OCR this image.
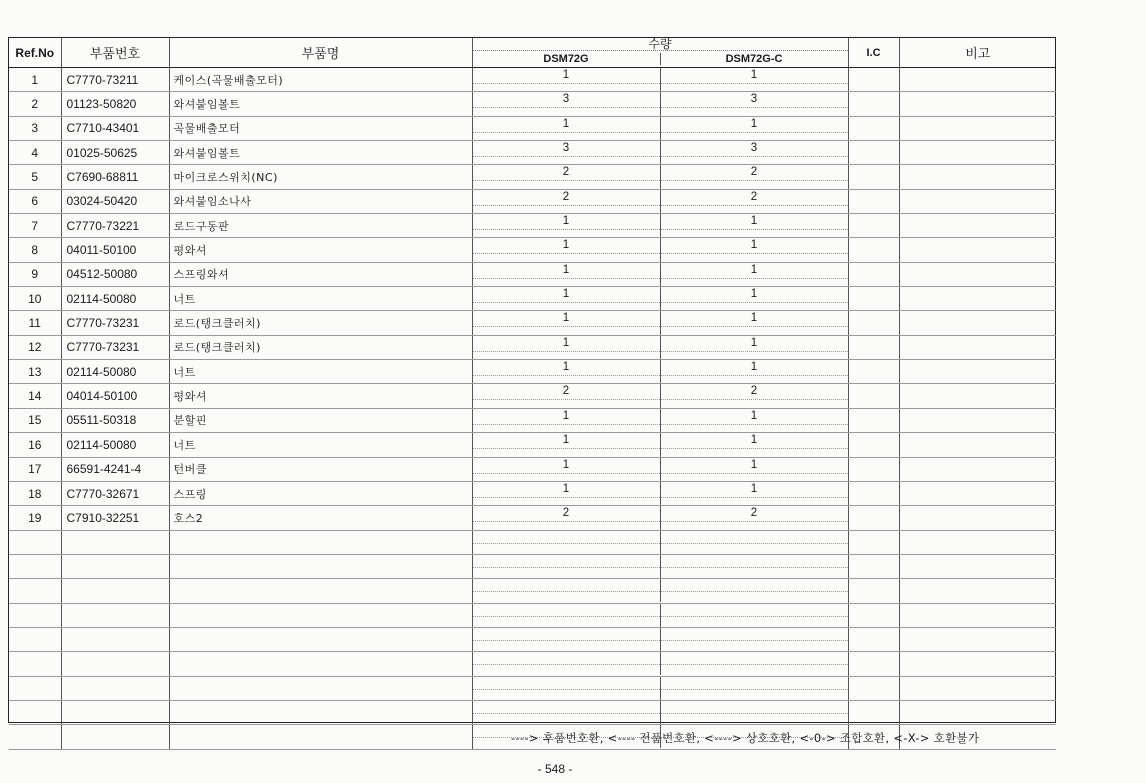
Ref.No	부품번호	부품명	수량
DSM72G DSM72G-C	I.C	비고
1	C7770-73211	케이스(곡물배출모터)	1 1		

2	01123-50820	와셔붙임볼트	3 3		

3	C7710-43401	곡물배출모터	1 1		

4	01025-50625	와셔붙임볼트	3 3		

5	C7690-68811	마이크로스위치(NC)	2 2		

6	03024-50420	와셔붙임소나사	2 2		

7	C7770-73221	로드구동판	1 1		

8	04011-50100	평와셔	1 1		

9	04512-50080	스프링와셔	1 1		

10	02114-50080	너트	1 1		

11	C7770-73231	로드(탱크클러치)	1 1		

12	C7770-73231	로드(탱크클러치)	1 1		

13	02114-50080	너트	1 1		

14	04014-50100	평와셔	2 2		

15	05511-50318	분할핀	1 1		

16	02114-50080	너트	1 1		

17	66591-4241-4	턴버클	1 1		

18	C7770-32671	스프링	1 1		

19	C7910-32251	호스2	2 2		

----> 후품번호환, <---- 전품번호환, <----> 상호호환, <-0-> 조합호환, <-X-> 호환불가
- 548 -
